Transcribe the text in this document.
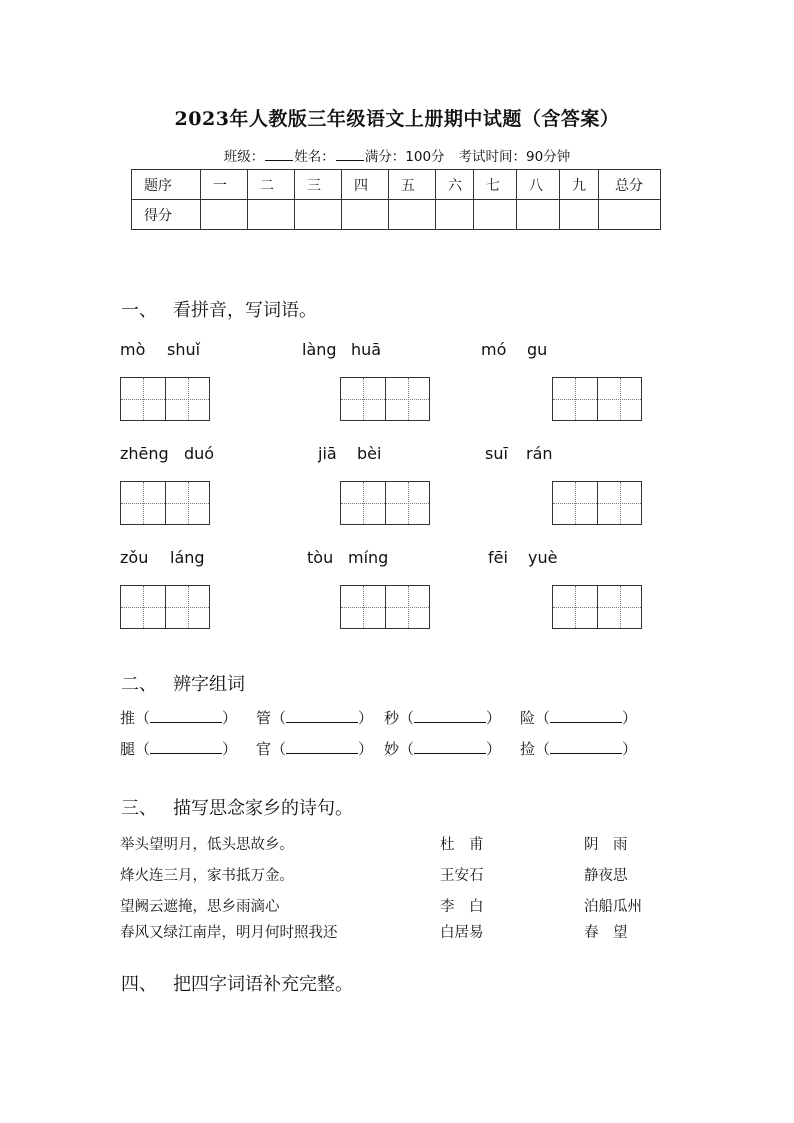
2023年人教版三年级语文上册期中试题（含答案）
班级： 姓名： 满分：100分 考试时间：90分钟
题序	一	二	三	四	五	六	七	八	九	总分
得分										
一、 看拼音，写词语。
mò shuǐ	làng huā	mó gu
zhēng duó	jiā bèi	suī rán
zǒu láng	tòu míng	fēi yuè
二、 辨字组词
推（	） 管（	） 秒（	） 险（	）
腿（	） 官（	） 妙（	） 捡（	）
三、 描写思念家乡的诗句。
举头望明月，低头思故乡。	杜　甫	阴　雨
烽火连三月，家书抵万金。	王安石	静夜思
望阙云遮掩，思乡雨滴心	李　白	泊船瓜州
春风又绿江南岸，明月何时照我还	白居易	春　望
四、 把四字词语补充完整。
